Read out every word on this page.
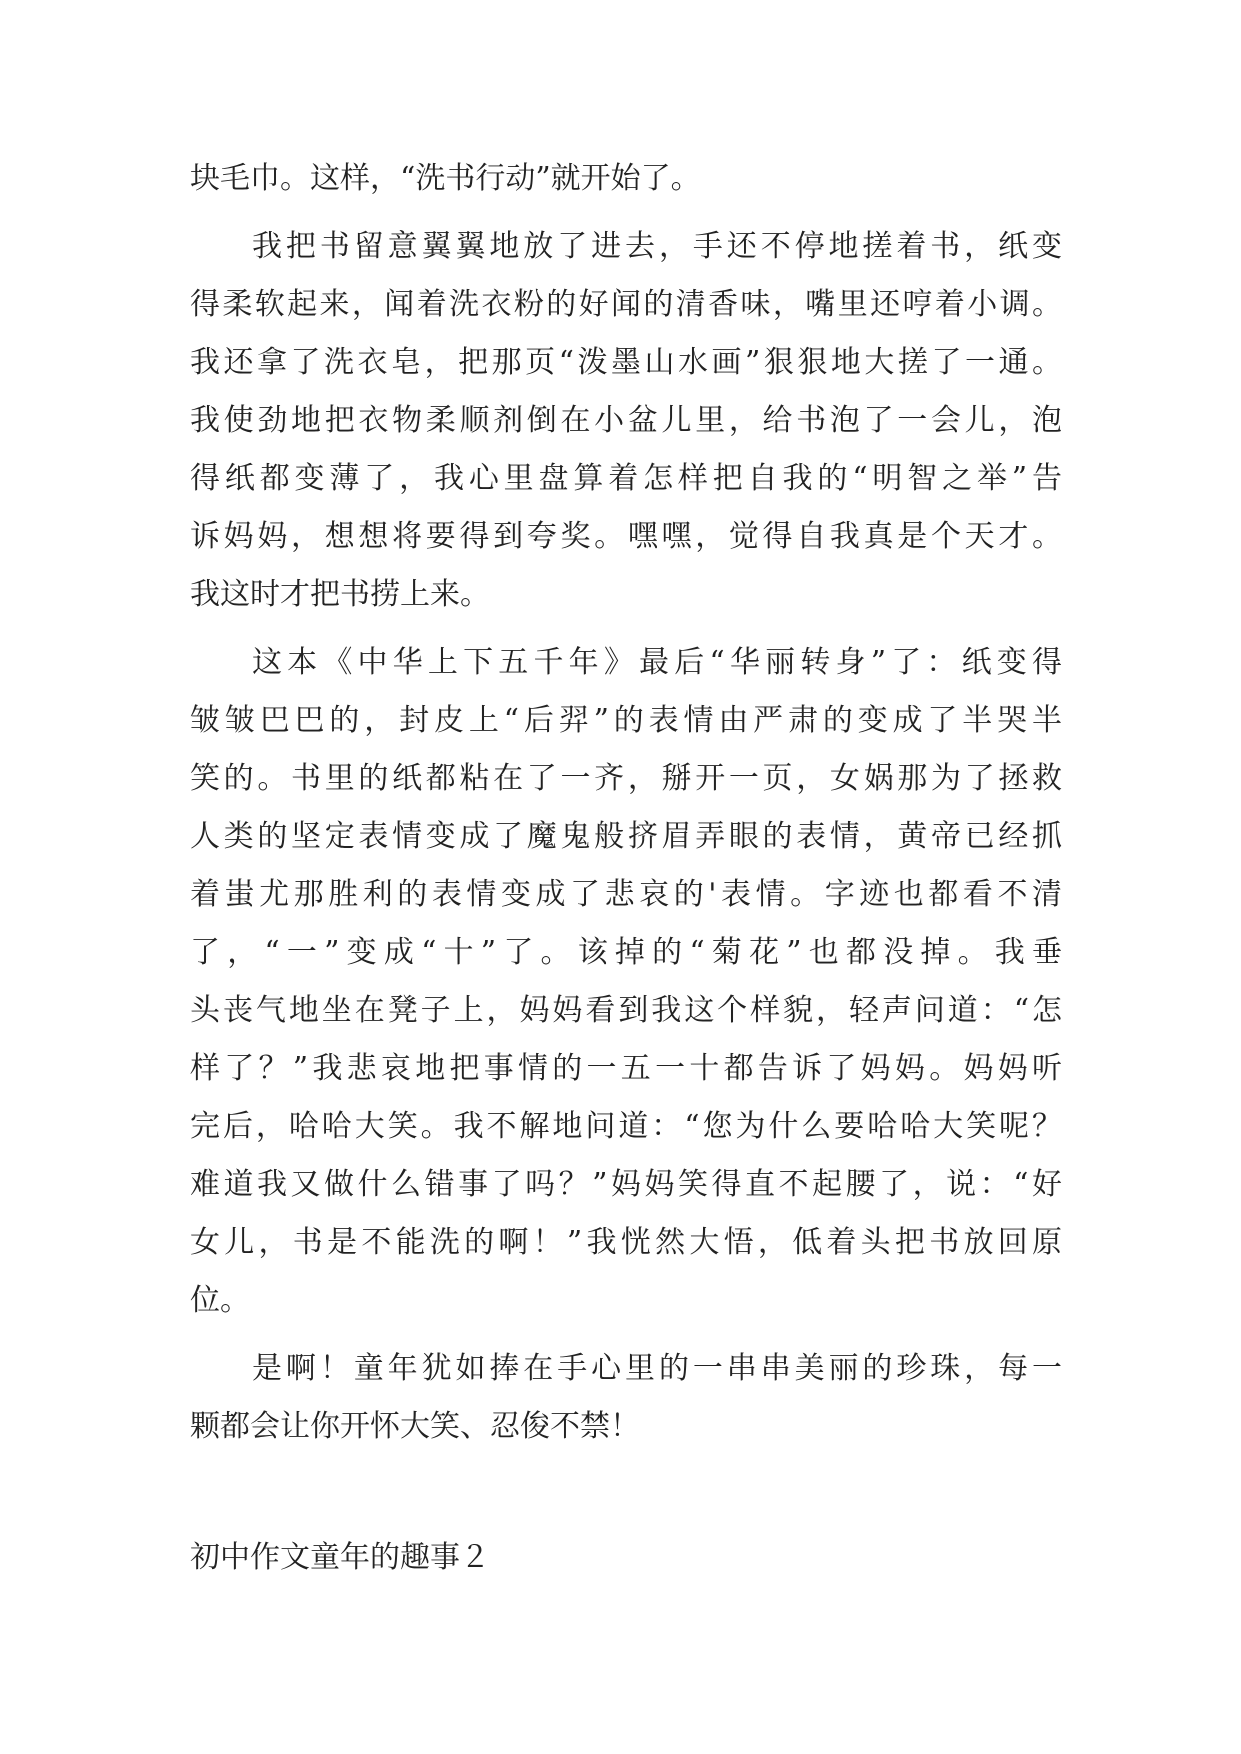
块毛巾。这样，“洗书行动”就开始了。
我把书留意翼翼地放了进去，手还不停地搓着书，纸变
得柔软起来，闻着洗衣粉的好闻的清香味，嘴里还哼着小调。
我还拿了洗衣皂，把那页“泼墨山水画”狠狠地大搓了一通。
我使劲地把衣物柔顺剂倒在小盆儿里，给书泡了一会儿，泡
得纸都变薄了，我心里盘算着怎样把自我的“明智之举”告
诉妈妈，想想将要得到夸奖。嘿嘿，觉得自我真是个天才。
我这时才把书捞上来。
这本《中华上下五千年》最后“华丽转身”了：纸变得
皱皱巴巴的，封皮上“后羿”的表情由严肃的变成了半哭半
笑的。书里的纸都粘在了一齐，掰开一页，女娲那为了拯救
人类的坚定表情变成了魔鬼般挤眉弄眼的表情，黄帝已经抓
着蚩尤那胜利的表情变成了悲哀的'表情。字迹也都看不清
了，“一”变成“十”了。该掉的“菊花”也都没掉。我垂
头丧气地坐在凳子上，妈妈看到我这个样貌，轻声问道：“怎
样了？”我悲哀地把事情的一五一十都告诉了妈妈。妈妈听
完后，哈哈大笑。我不解地问道：“您为什么要哈哈大笑呢？
难道我又做什么错事了吗？”妈妈笑得直不起腰了，说：“好
女儿，书是不能洗的啊！”我恍然大悟，低着头把书放回原
位。
是啊！童年犹如捧在手心里的一串串美丽的珍珠，每一
颗都会让你开怀大笑、忍俊不禁！
初中作文童年的趣事２
